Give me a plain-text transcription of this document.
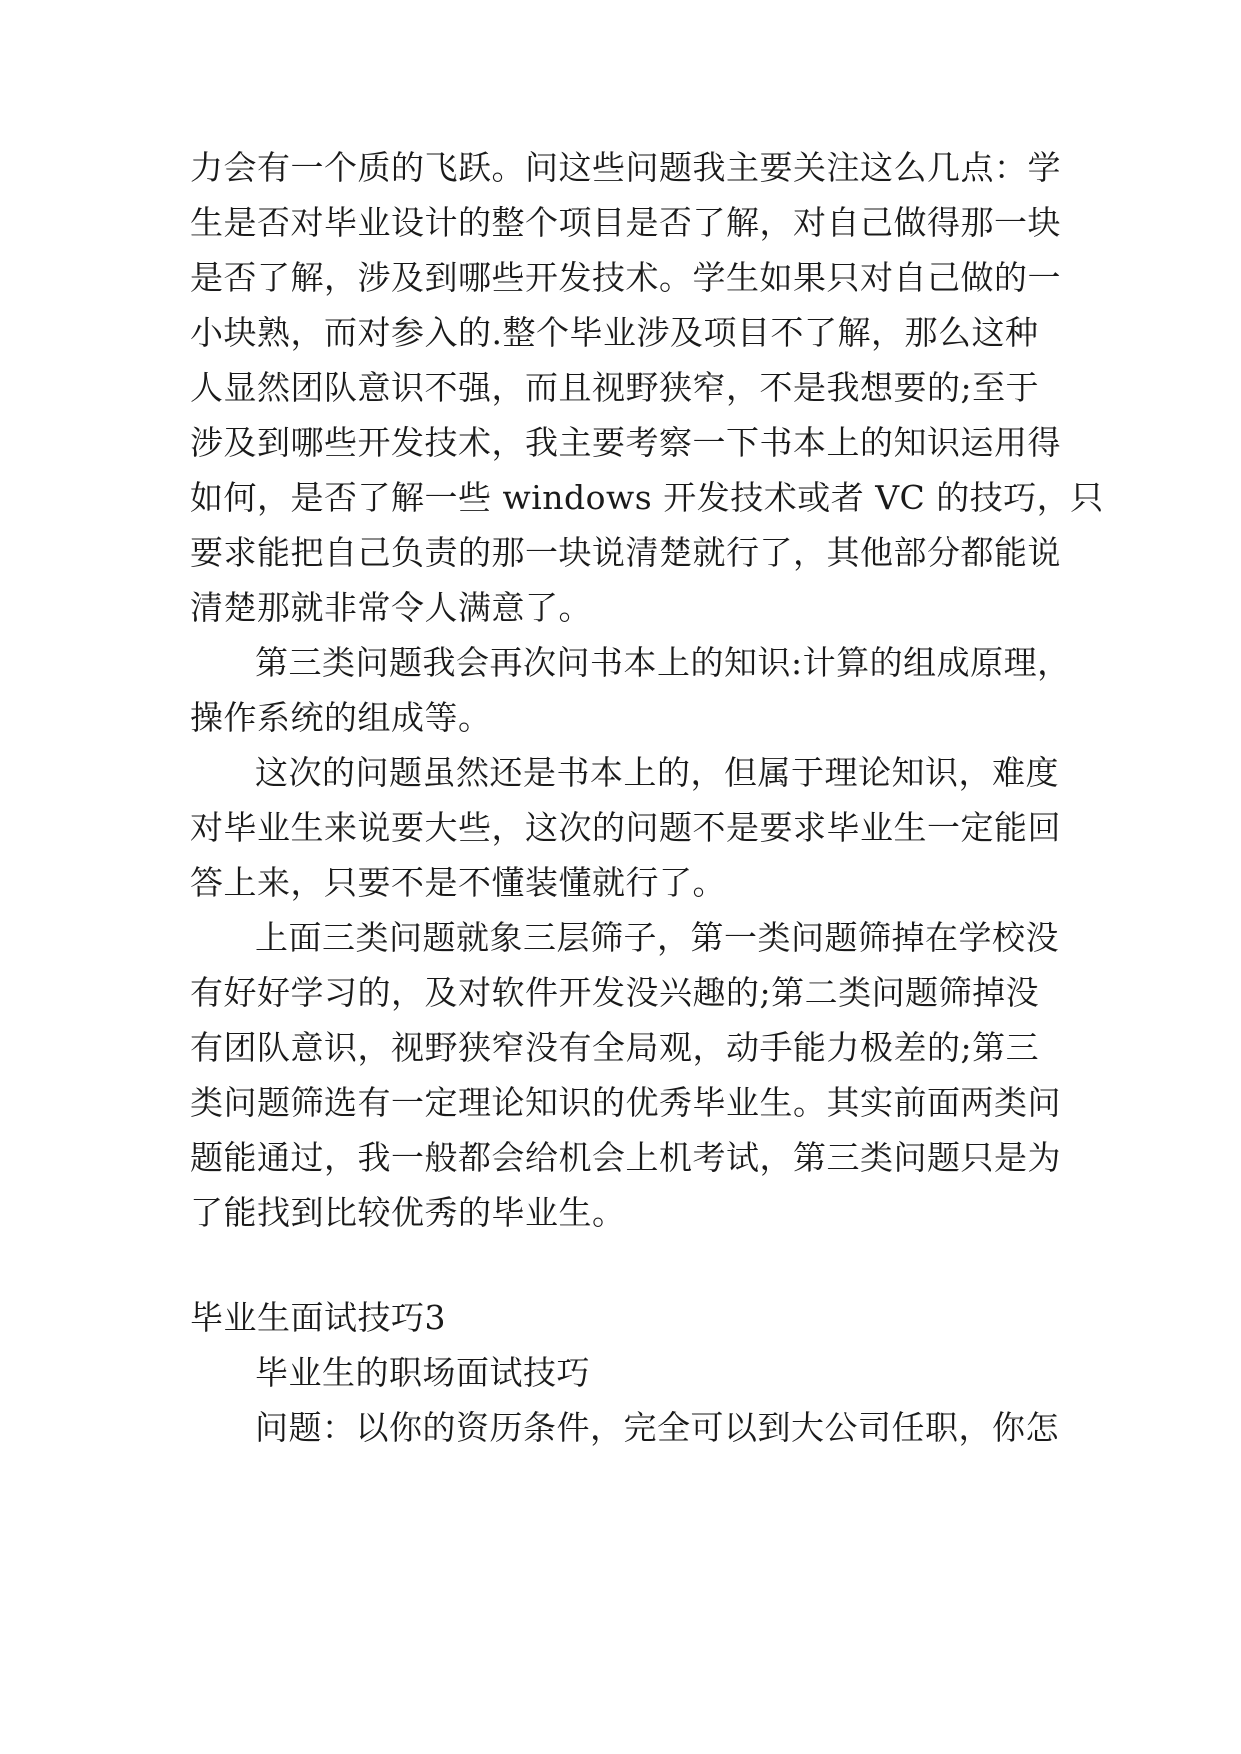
力会有一个质的飞跃。问这些问题我主要关注这么几点：学
生是否对毕业设计的整个项目是否了解，对自己做得那一块
是否了解，涉及到哪些开发技术。学生如果只对自己做的一
小块熟，而对参入的.整个毕业涉及项目不了解，那么这种
人显然团队意识不强，而且视野狭窄，不是我想要的;至于
涉及到哪些开发技术，我主要考察一下书本上的知识运用得
如何，是否了解一些 windows 开发技术或者 VC 的技巧，只
要求能把自己负责的那一块说清楚就行了，其他部分都能说
清楚那就非常令人满意了。
第三类问题我会再次问书本上的知识:计算的组成原理，
操作系统的组成等。
这次的问题虽然还是书本上的，但属于理论知识，难度
对毕业生来说要大些，这次的问题不是要求毕业生一定能回
答上来，只要不是不懂装懂就行了。
上面三类问题就象三层筛子，第一类问题筛掉在学校没
有好好学习的，及对软件开发没兴趣的;第二类问题筛掉没
有团队意识，视野狭窄没有全局观，动手能力极差的;第三
类问题筛选有一定理论知识的优秀毕业生。其实前面两类问
题能通过，我一般都会给机会上机考试，第三类问题只是为
了能找到比较优秀的毕业生。
毕业生面试技巧3
毕业生的职场面试技巧
问题：以你的资历条件，完全可以到大公司任职，你怎
